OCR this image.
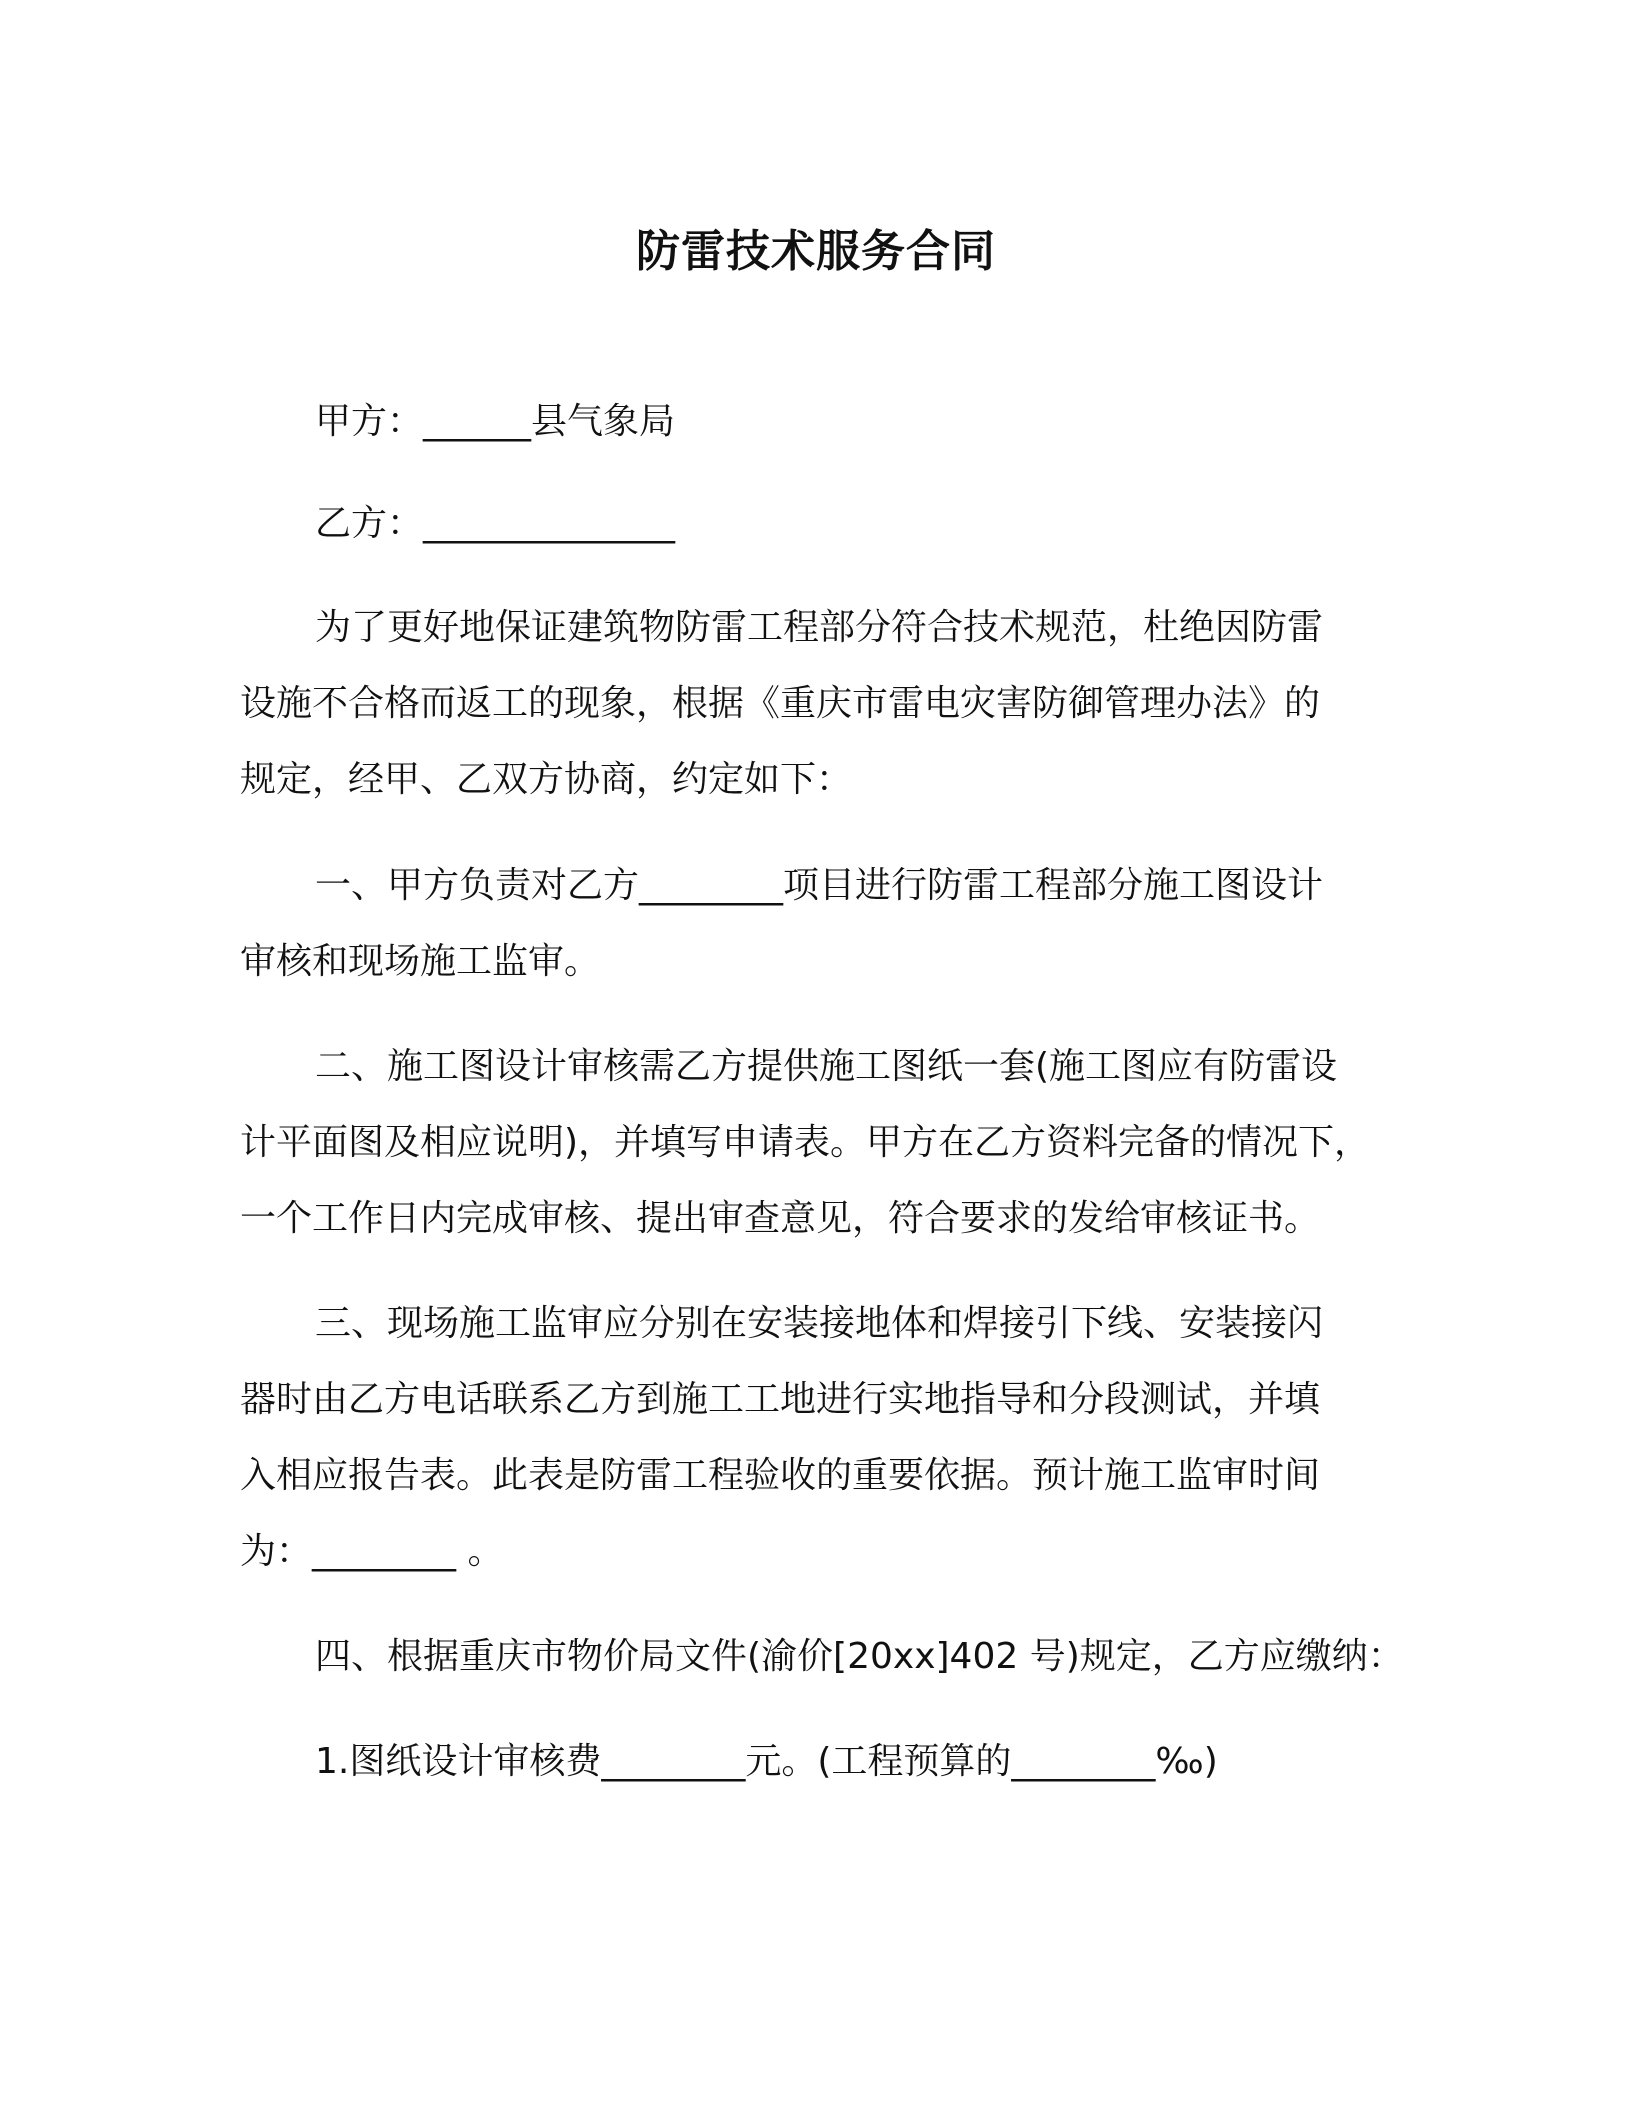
防雷技术服务合同

甲方：______县气象局

乙方：______________

为了更好地保证建筑物防雷工程部分符合技术规范，杜绝因防雷

设施不合格而返工的现象，根据《重庆市雷电灾害防御管理办法》的

规定，经甲、乙双方协商，约定如下：

一、甲方负责对乙方________项目进行防雷工程部分施工图设计

审核和现场施工监审。

二、施工图设计审核需乙方提供施工图纸一套(施工图应有防雷设

计平面图及相应说明)，并填写申请表。甲方在乙方资料完备的情况下，

一个工作日内完成审核、提出审查意见，符合要求的发给审核证书。

三、现场施工监审应分别在安装接地体和焊接引下线、安装接闪

器时由乙方电话联系乙方到施工工地进行实地指导和分段测试，并填

入相应报告表。此表是防雷工程验收的重要依据。预计施工监审时间

为：________ 。

四、根据重庆市物价局文件(渝价[20xx]402 号)规定，乙方应缴纳：

1.图纸设计审核费________元。(工程预算的________‰)
